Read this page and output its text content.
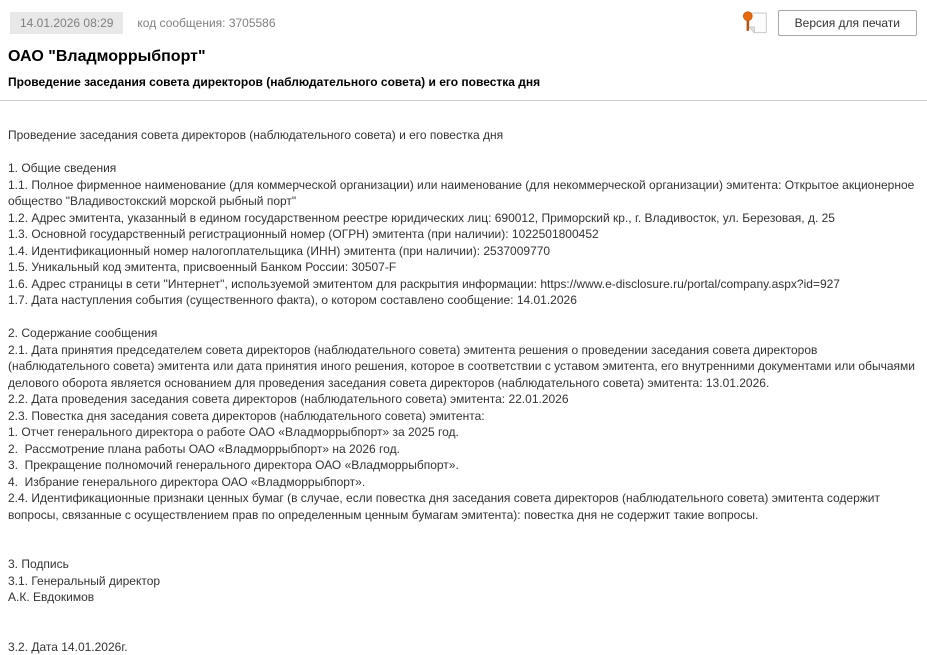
14.01.2026 08:29	код сообщения: 3705586	Версия для печати
ОАО "Владморрыбпорт"
Проведение заседания совета директоров (наблюдательного совета) и его повестка дня
Проведение заседания совета директоров (наблюдательного совета) и его повестка дня
1. Общие сведения
1.1. Полное фирменное наименование (для коммерческой организации) или наименование (для некоммерческой организации) эмитента: Открытое акционерное общество "Владивостокский морской рыбный порт"
1.2. Адрес эмитента, указанный в едином государственном реестре юридических лиц: 690012, Приморский кр., г. Владивосток, ул. Березовая, д. 25
1.3. Основной государственный регистрационный номер (ОГРН) эмитента (при наличии): 1022501800452
1.4. Идентификационный номер налогоплательщика (ИНН) эмитента (при наличии): 2537009770
1.5. Уникальный код эмитента, присвоенный Банком России: 30507-F
1.6. Адрес страницы в сети "Интернет", используемой эмитентом для раскрытия информации: https://www.e-disclosure.ru/portal/company.aspx?id=927
1.7. Дата наступления события (существенного факта), о котором составлено сообщение: 14.01.2026
2. Содержание сообщения
2.1. Дата принятия председателем совета директоров (наблюдательного совета) эмитента решения о проведении заседания совета директоров (наблюдательного совета) эмитента или дата принятия иного решения, которое в соответствии с уставом эмитента, его внутренними документами или обычаями делового оборота является основанием для проведения заседания совета директоров (наблюдательного совета) эмитента: 13.01.2026.
2.2. Дата проведения заседания совета директоров (наблюдательного совета) эмитента: 22.01.2026
2.3. Повестка дня заседания совета директоров (наблюдательного совета) эмитента:
1. Отчет генерального директора о работе ОАО «Владморрыбпорт» за 2025 год.
2.  Рассмотрение плана работы ОАО «Владморрыбпорт» на 2026 год.
3.  Прекращение полномочий генерального директора ОАО «Владморрыбпорт».
4.  Избрание генерального директора ОАО «Владморрыбпорт».
2.4. Идентификационные признаки ценных бумаг (в случае, если повестка дня заседания совета директоров (наблюдательного совета) эмитента содержит вопросы, связанные с осуществлением прав по определенным ценным бумагам эмитента): повестка дня не содержит такие вопросы.
3. Подпись
3.1. Генеральный директор
А.К. Евдокимов
3.2. Дата 14.01.2026г.
